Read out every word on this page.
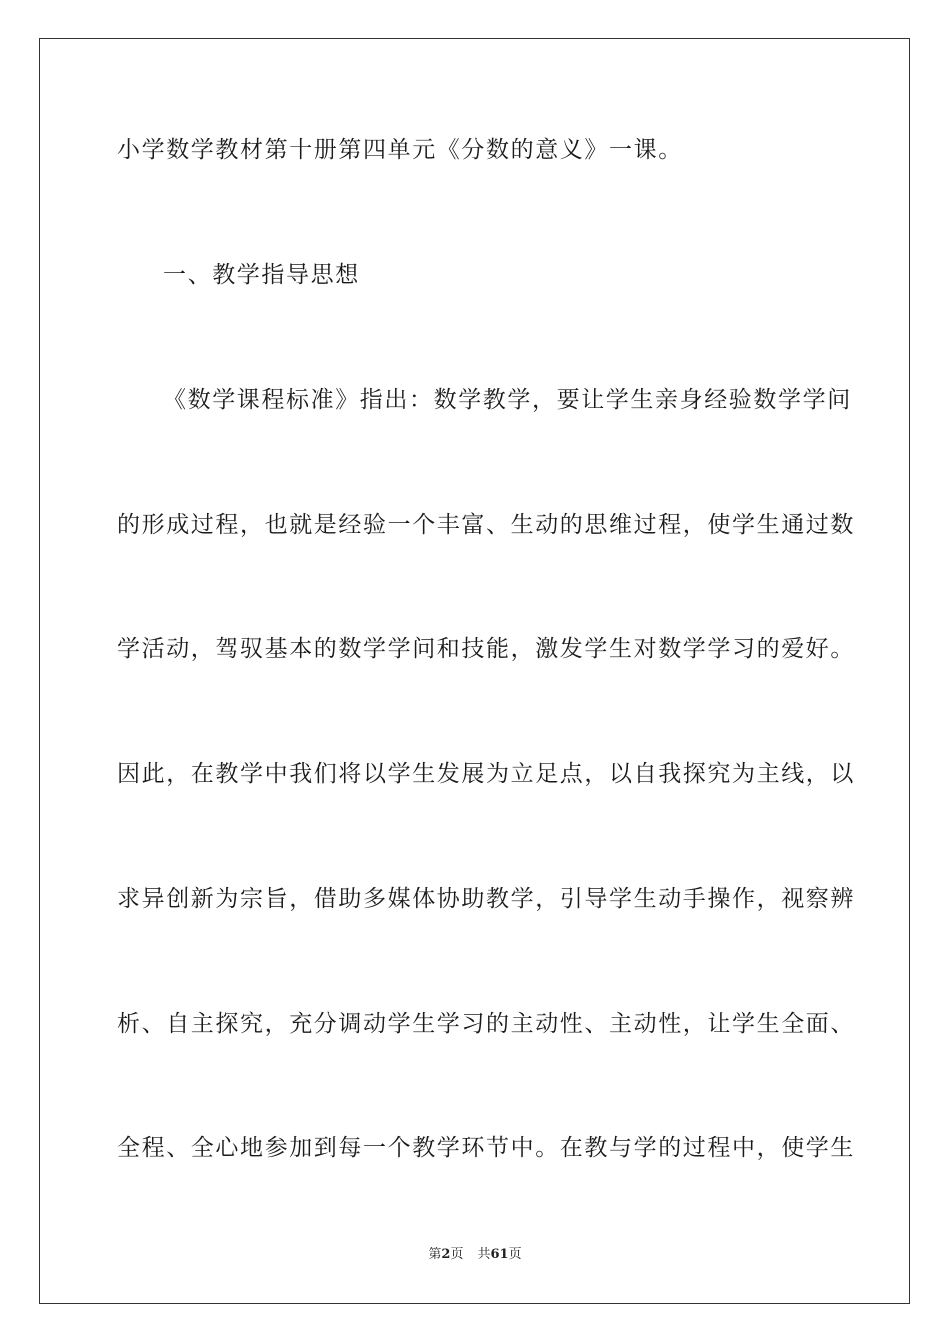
小学数学教材第十册第四单元《分数的意义》一课。
一、教学指导思想
《数学课程标准》指出：数学教学，要让学生亲身经验数学学问
的形成过程，也就是经验一个丰富、生动的思维过程，使学生通过数
学活动，驾驭基本的数学学问和技能，激发学生对数学学习的爱好。
因此，在教学中我们将以学生发展为立足点，以自我探究为主线，以
求异创新为宗旨，借助多媒体协助教学，引导学生动手操作，视察辨
析、自主探究，充分调动学生学习的主动性、主动性，让学生全面、
全程、全心地参加到每一个教学环节中。在教与学的过程中，使学生
第2页 共61页
